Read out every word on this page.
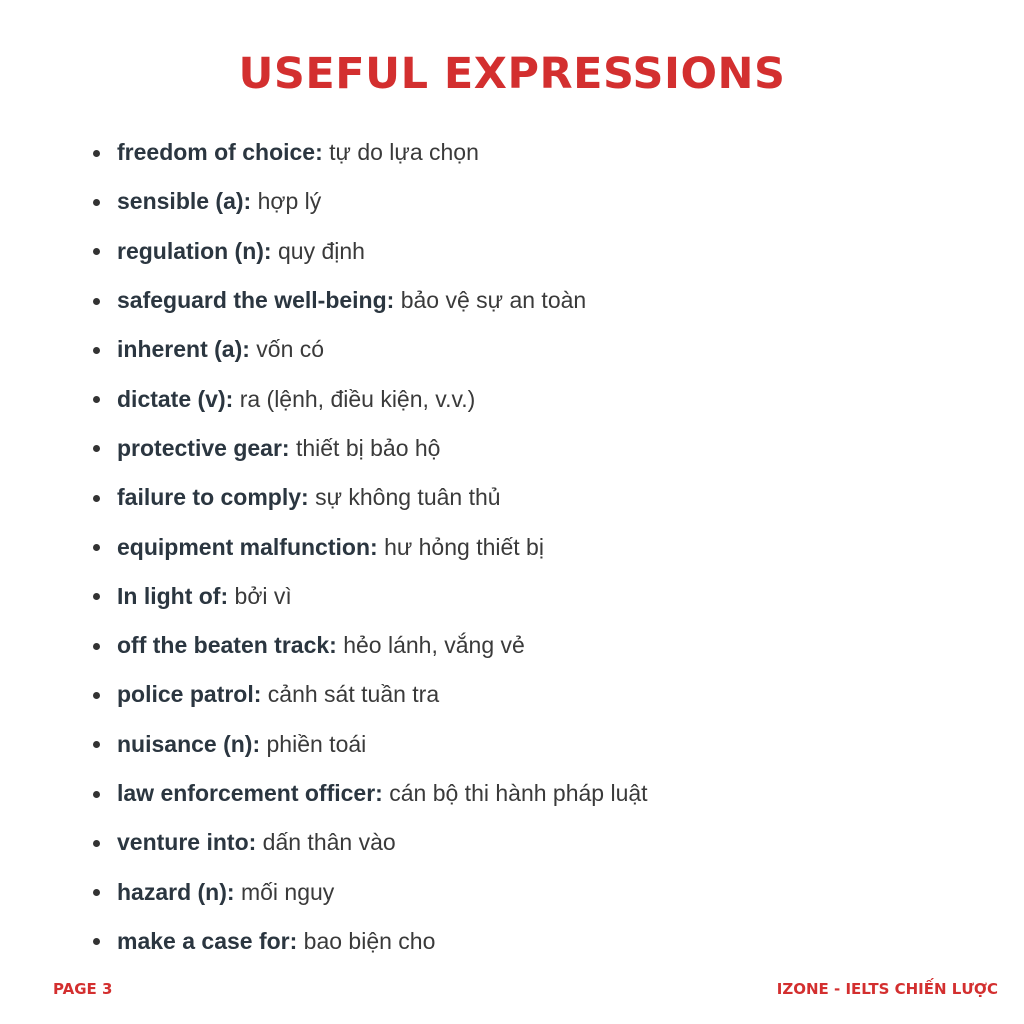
USEFUL EXPRESSIONS
freedom of choice:
tự do lựa chọn
sensible (a):
hợp lý
regulation (n):
quy định
safeguard the well-being:
bảo vệ sự an toàn
inherent (a):
vốn có
dictate (v):
ra (lệnh, điều kiện, v.v.)
protective gear:
thiết bị bảo hộ
failure to comply:
sự không tuân thủ
equipment malfunction:
hư hỏng thiết bị
In light of:
bởi vì
off the beaten track:
hẻo lánh, vắng vẻ
police patrol:
cảnh sát tuần tra
nuisance (n):
phiền toái
law enforcement officer:
cán bộ thi hành pháp luật
venture into:
dấn thân vào
hazard (n):
mối nguy
make a case for:
bao biện cho
PAGE 3	IZONE - IELTS CHIẾN LƯỢC
